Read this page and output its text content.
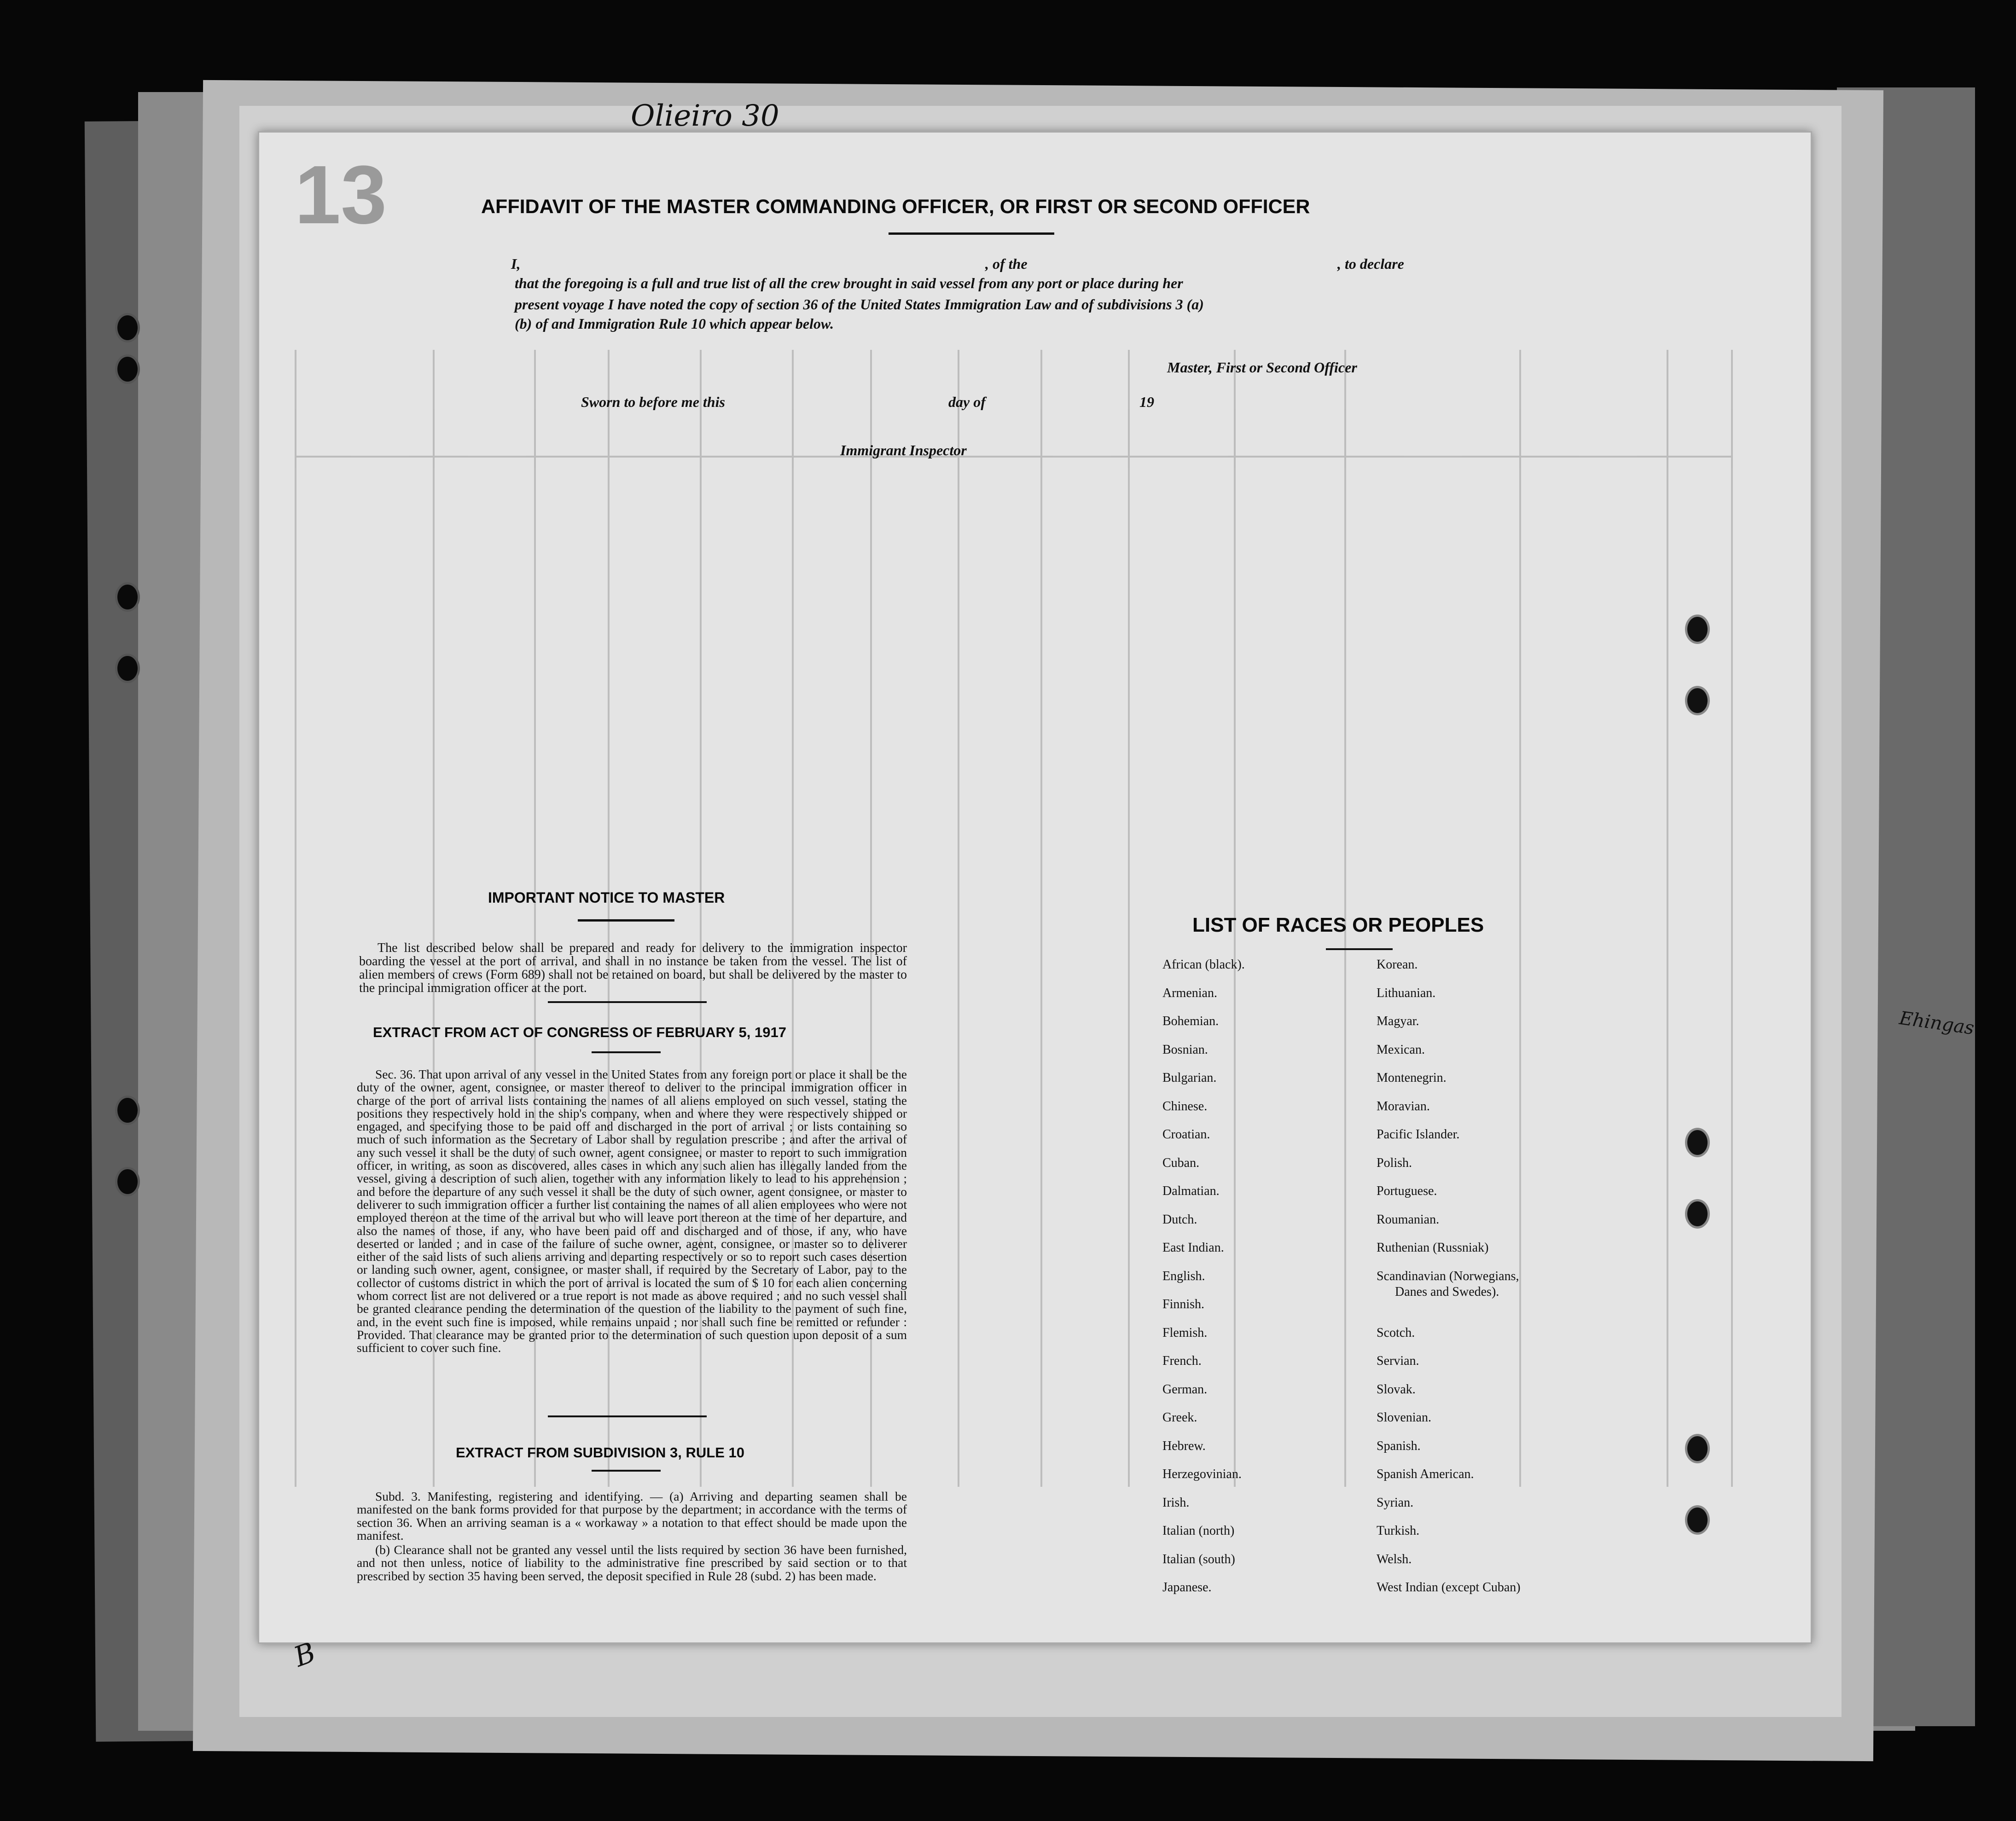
Olieiro 30
Ehingas
B
13	AFFIDAVIT OF THE MASTER COMMANDING OFFICER, OR FIRST OR SECOND OFFICER
I,	, of the	, to declare
that the foregoing is a full and true list of all the crew brought in said vessel from any port or place during her
present voyage I have noted the copy of section 36 of the United States Immigration Law and of subdivisions 3 (a)
(b) of and Immigration Rule 10 which appear below.
Master, First or Second Officer
Sworn to before me this	day of	19
Immigrant Inspector
IMPORTANT NOTICE TO MASTER
The list described below shall be prepared and ready for delivery to the immigration inspector boarding the vessel at the port of arrival, and shall in no instance be taken from the vessel. The list of alien members of crews (Form 689) shall not be retained on board, but shall be delivered by the master to the principal immigration officer at the port.
EXTRACT FROM ACT OF CONGRESS OF FEBRUARY 5, 1917
Sec. 36. That upon arrival of any vessel in the United States from any foreign port or place it shall be the duty of the owner, agent, consignee, or master thereof to deliver to the principal immigration officer in charge of the port of arrival lists containing the names of all aliens employed on such vessel, stating the positions they respectively hold in the ship's company, when and where they were respectively shipped or engaged, and specifying those to be paid off and discharged in the port of arrival ; or lists containing so much of such information as the Secretary of Labor shall by regulation prescribe ; and after the arrival of any such vessel it shall be the duty of such owner, agent consignee, or master to report to such immigration officer, in writing, as soon as discovered, alles cases in which any such alien has illegally landed from the vessel, giving a description of such alien, together with any information likely to lead to his apprehension ; and before the departure of any such vessel it shall be the duty of such owner, agent consignee, or master to deliverer to such immigration officer a further list containing the names of all alien employees who were not employed thereon at the time of the arrival but who will leave port thereon at the time of her departure, and also the names of those, if any, who have been paid off and discharged and of those, if any, who have deserted or landed ; and in case of the failure of suche owner, agent, consignee, or master so to deliverer either of the said lists of such aliens arriving and departing respectively or so to report such cases desertion or landing such owner, agent, consignee, or master shall, if required by the Secretary of Labor, pay to the collector of customs district in which the port of arrival is located the sum of $ 10 for each alien concerning whom correct list are not delivered or a true report is not made as above required ; and no such vessel shall be granted clearance pending the determination of the question of the liability to the payment of such fine, and, in the event such fine is imposed, while remains unpaid ; nor shall such fine be remitted or refunder : Provided. That clearance may be granted prior to the determination of such question upon deposit of a sum sufficient to cover such fine.
EXTRACT FROM SUBDIVISION 3, RULE 10
Subd. 3. Manifesting, registering and identifying. — (a) Arriving and departing seamen shall be manifested on the bank forms provided for that purpose by the department; in accordance with the terms of section 36. When an arriving seaman is a « workaway » a notation to that effect should be made upon the manifest.
(b) Clearance shall not be granted any vessel until the lists required by section 36 have been furnished, and not then unless, notice of liability to the administrative fine prescribed by said section or to that prescribed by section 35 having been served, the deposit specified in Rule 28 (subd. 2) has been made.
LIST OF RACES OR PEOPLES
African (black).
Armenian.
Bohemian.
Bosnian.
Bulgarian.
Chinese.
Croatian.
Cuban.
Dalmatian.
Dutch.
East Indian.
English.
Finnish.
Flemish.
French.
German.
Greek.
Hebrew.
Herzegovinian.
Irish.
Italian (north)
Italian (south)
Japanese.
Korean.
Lithuanian.
Magyar.
Mexican.
Montenegrin.
Moravian.
Pacific Islander.
Polish.
Portuguese.
Roumanian.
Ruthenian (Russniak)
Scandinavian (Norwegians,
Danes and Swedes).
Scotch.
Servian.
Slovak.
Slovenian.
Spanish.
Spanish American.
Syrian.
Turkish.
Welsh.
West Indian (except Cuban)
